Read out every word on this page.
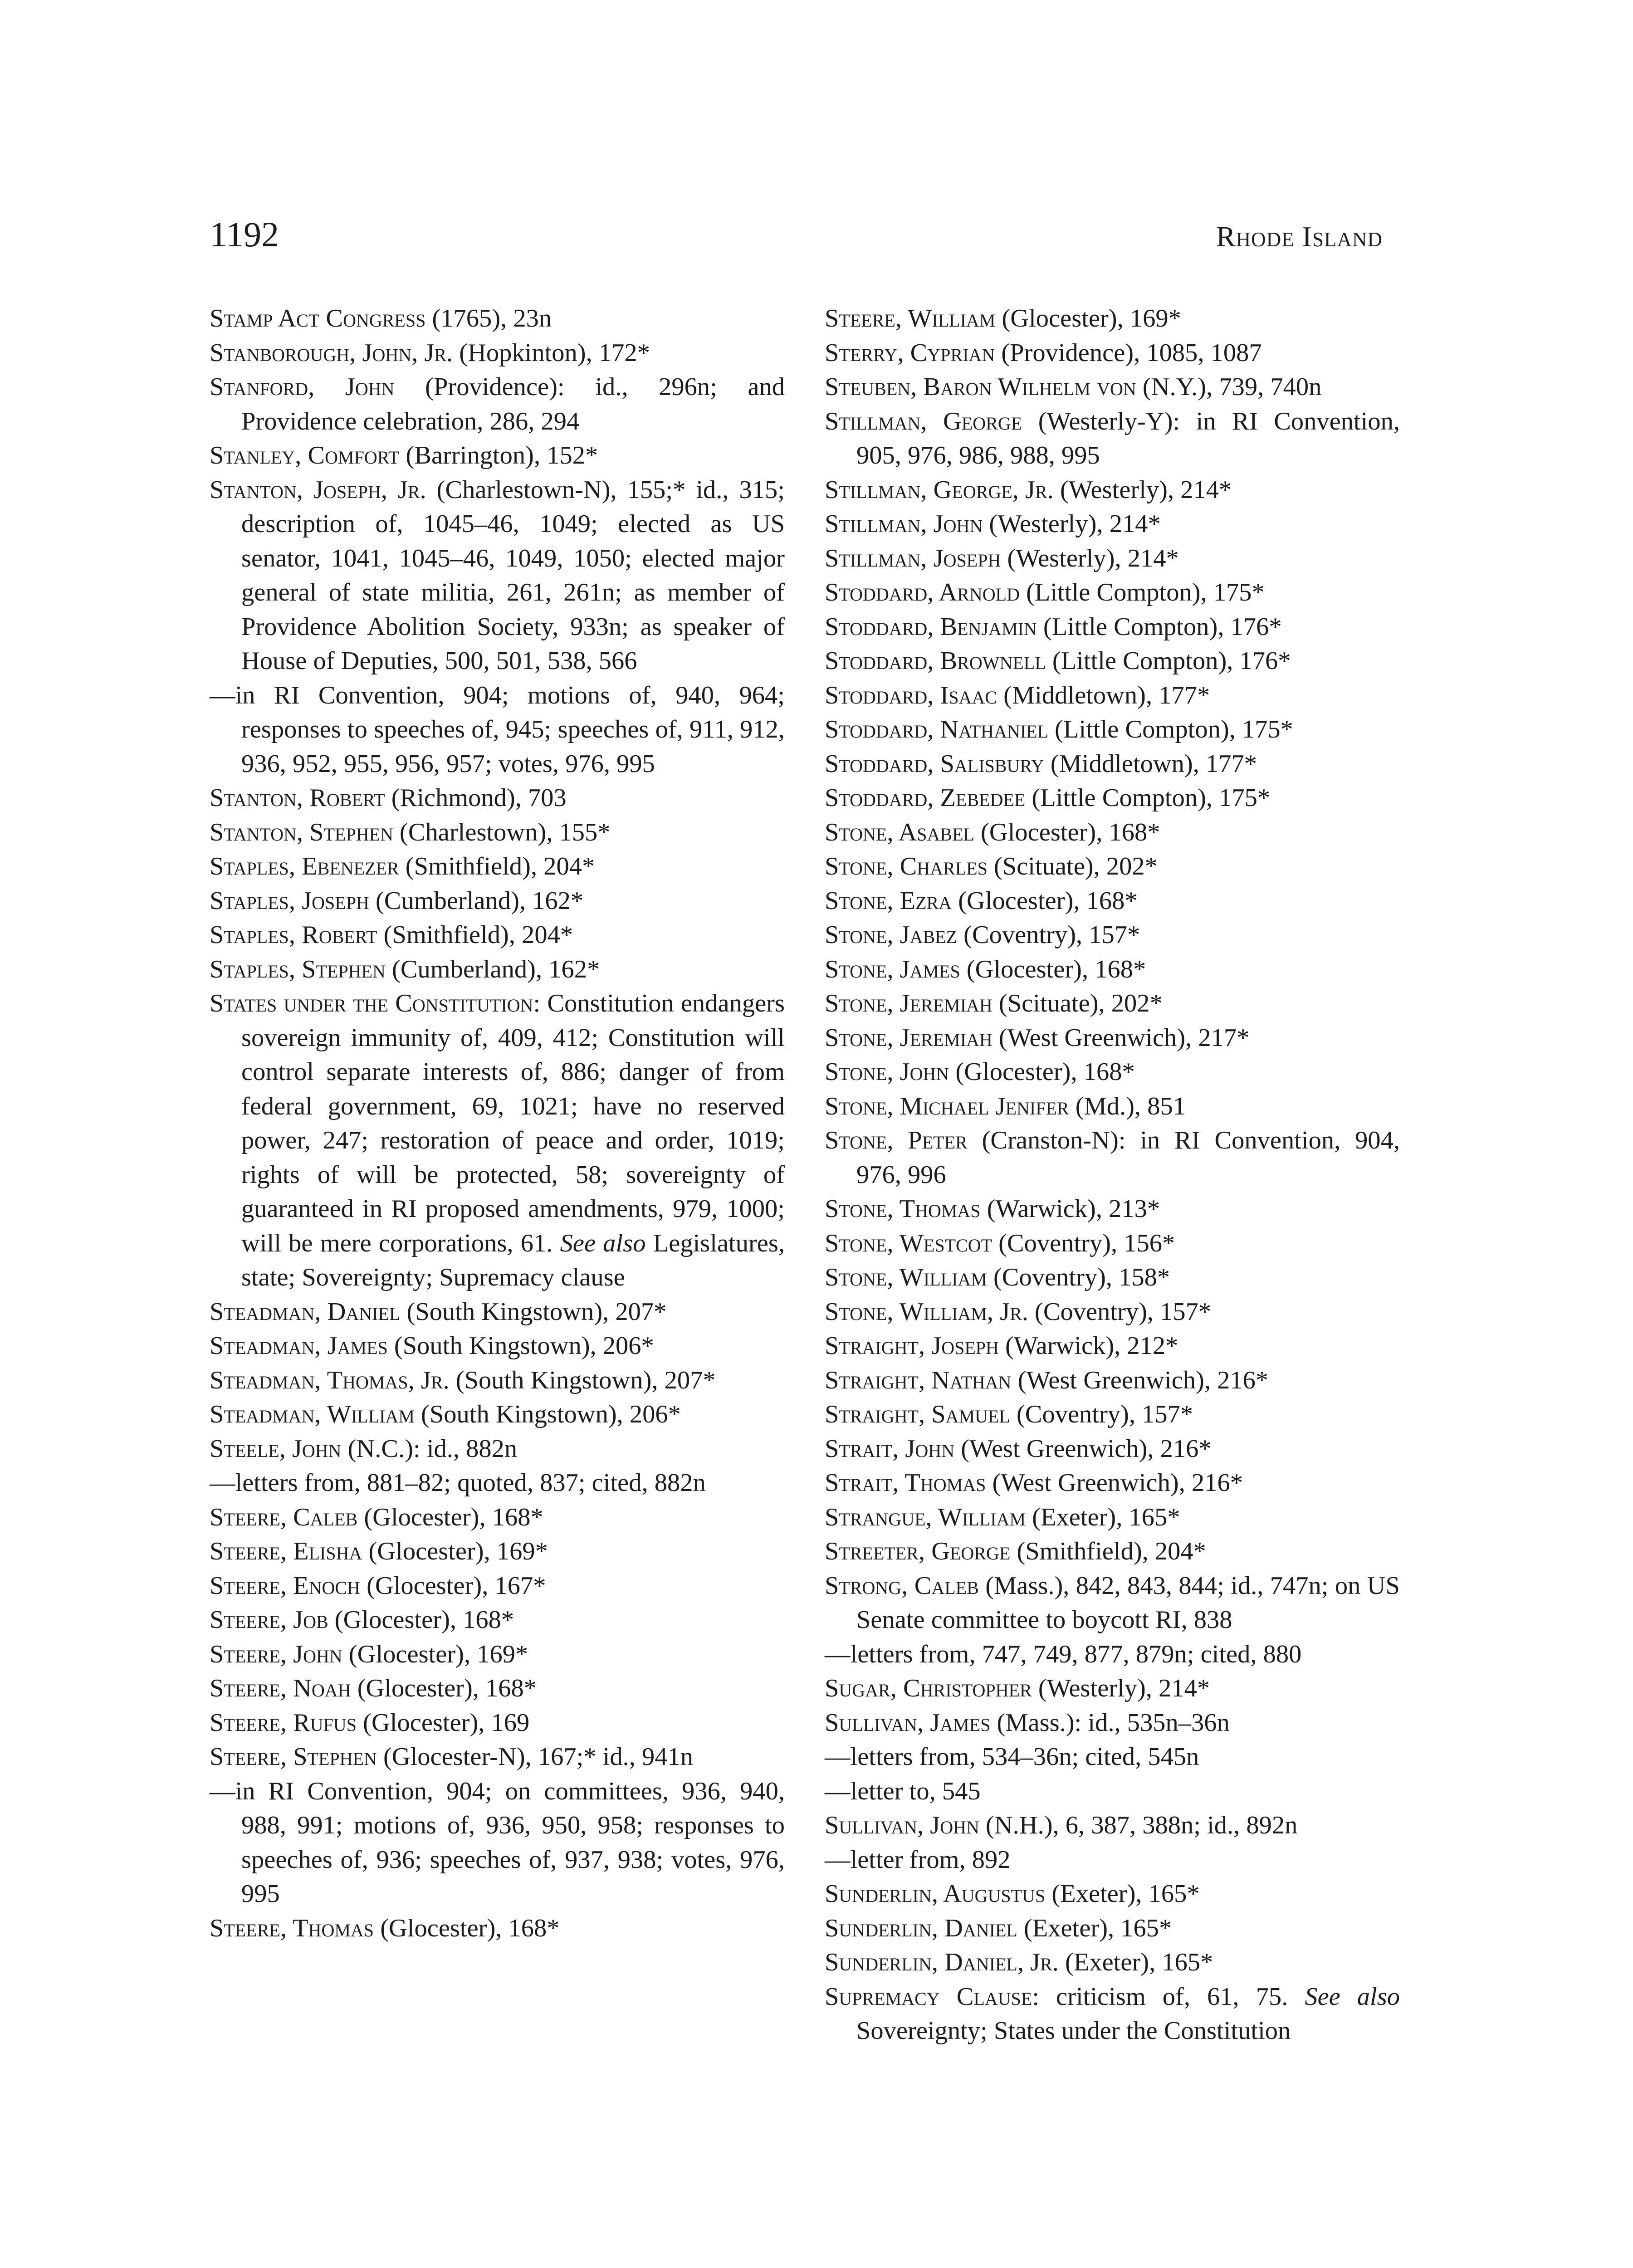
1192	Rhode Island
Stamp Act Congress (1765), 23n
Stanborough, John, Jr. (Hopkinton), 172*
Stanford, John (Providence): id., 296n; and Providence celebration, 286, 294
Stanley, Comfort (Barrington), 152*
Stanton, Joseph, Jr. (Charlestown-N), 155;* id., 315; description of, 1045–46, 1049; elected as US senator, 1041, 1045–46, 1049, 1050; elected major general of state militia, 261, 261n; as member of Providence Abolition Society, 933n; as speaker of House of Deputies, 500, 501, 538, 566
—in RI Convention, 904; motions of, 940, 964; responses to speeches of, 945; speeches of, 911, 912, 936, 952, 955, 956, 957; votes, 976, 995
Stanton, Robert (Richmond), 703
Stanton, Stephen (Charlestown), 155*
Staples, Ebenezer (Smithfield), 204*
Staples, Joseph (Cumberland), 162*
Staples, Robert (Smithfield), 204*
Staples, Stephen (Cumberland), 162*
States under the Constitution: Constitution endangers sovereign immunity of, 409, 412; Constitution will control separate interests of, 886; danger of from federal government, 69, 1021; have no reserved power, 247; restoration of peace and order, 1019; rights of will be protected, 58; sovereignty of guaranteed in RI proposed amendments, 979, 1000; will be mere corporations, 61. See also Legislatures, state; Sovereignty; Supremacy clause
Steadman, Daniel (South Kingstown), 207*
Steadman, James (South Kingstown), 206*
Steadman, Thomas, Jr. (South Kingstown), 207*
Steadman, William (South Kingstown), 206*
Steele, John (N.C.): id., 882n
—letters from, 881–82; quoted, 837; cited, 882n
Steere, Caleb (Glocester), 168*
Steere, Elisha (Glocester), 169*
Steere, Enoch (Glocester), 167*
Steere, Job (Glocester), 168*
Steere, John (Glocester), 169*
Steere, Noah (Glocester), 168*
Steere, Rufus (Glocester), 169
Steere, Stephen (Glocester-N), 167;* id., 941n
—in RI Convention, 904; on committees, 936, 940, 988, 991; motions of, 936, 950, 958; responses to speeches of, 936; speeches of, 937, 938; votes, 976, 995
Steere, Thomas (Glocester), 168*
Steere, William (Glocester), 169*
Sterry, Cyprian (Providence), 1085, 1087
Steuben, Baron Wilhelm von (N.Y.), 739, 740n
Stillman, George (Westerly-Y): in RI Convention, 905, 976, 986, 988, 995
Stillman, George, Jr. (Westerly), 214*
Stillman, John (Westerly), 214*
Stillman, Joseph (Westerly), 214*
Stoddard, Arnold (Little Compton), 175*
Stoddard, Benjamin (Little Compton), 176*
Stoddard, Brownell (Little Compton), 176*
Stoddard, Isaac (Middletown), 177*
Stoddard, Nathaniel (Little Compton), 175*
Stoddard, Salisbury (Middletown), 177*
Stoddard, Zebedee (Little Compton), 175*
Stone, Asabel (Glocester), 168*
Stone, Charles (Scituate), 202*
Stone, Ezra (Glocester), 168*
Stone, Jabez (Coventry), 157*
Stone, James (Glocester), 168*
Stone, Jeremiah (Scituate), 202*
Stone, Jeremiah (West Greenwich), 217*
Stone, John (Glocester), 168*
Stone, Michael Jenifer (Md.), 851
Stone, Peter (Cranston-N): in RI Convention, 904, 976, 996
Stone, Thomas (Warwick), 213*
Stone, Westcot (Coventry), 156*
Stone, William (Coventry), 158*
Stone, William, Jr. (Coventry), 157*
Straight, Joseph (Warwick), 212*
Straight, Nathan (West Greenwich), 216*
Straight, Samuel (Coventry), 157*
Strait, John (West Greenwich), 216*
Strait, Thomas (West Greenwich), 216*
Strangue, William (Exeter), 165*
Streeter, George (Smithfield), 204*
Strong, Caleb (Mass.), 842, 843, 844; id., 747n; on US Senate committee to boycott RI, 838
—letters from, 747, 749, 877, 879n; cited, 880
Sugar, Christopher (Westerly), 214*
Sullivan, James (Mass.): id., 535n–36n
—letters from, 534–36n; cited, 545n
—letter to, 545
Sullivan, John (N.H.), 6, 387, 388n; id., 892n
—letter from, 892
Sunderlin, Augustus (Exeter), 165*
Sunderlin, Daniel (Exeter), 165*
Sunderlin, Daniel, Jr. (Exeter), 165*
Supremacy Clause: criticism of, 61, 75. See also Sovereignty; States under the Constitution
